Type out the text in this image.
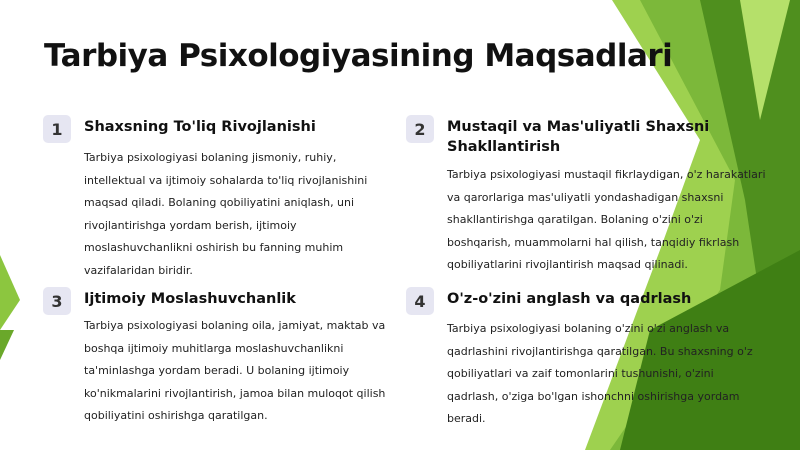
Tarbiya Psixologiyasining Maqsadlari
1	Shaxsning To'liq Rivojlanishi
Tarbiya psixologiyasi bolaning jismoniy, ruhiy, intellektual va ijtimoiy sohalarda to'liq rivojlanishini maqsad qiladi. Bolaning qobiliyatini aniqlash, uni rivojlantirishga yordam berish, ijtimoiy moslashuvchanlikni oshirish bu fanning muhim vazifalaridan biridir.
2	Mustaqil va Mas'uliyatli Shaxsni Shakllantirish
Tarbiya psixologiyasi mustaqil fikrlaydigan, o'z harakatlari va qarorlariga mas'uliyatli yondashadigan shaxsni shakllantirishga qaratilgan. Bolaning o'zini o'zi boshqarish, muammolarni hal qilish, tanqidiy fikrlash qobiliyatlarini rivojlantirish maqsad qilinadi.
3	Ijtimoiy Moslashuvchanlik
Tarbiya psixologiyasi bolaning oila, jamiyat, maktab va boshqa ijtimoiy muhitlarga moslashuvchanlikni ta'minlashga yordam beradi. U bolaning ijtimoiy ko'nikmalarini rivojlantirish, jamoa bilan muloqot qilish qobiliyatini oshirishga qaratilgan.
4	O'z-o'zini anglash va qadrlash
Tarbiya psixologiyasi bolaning o'zini o'zi anglash va qadrlashini rivojlantirishga qaratilgan. Bu shaxsning o'z qobiliyatlari va zaif tomonlarini tushunishi, o'zini qadrlash, o'ziga bo'lgan ishonchni oshirishga yordam beradi.
